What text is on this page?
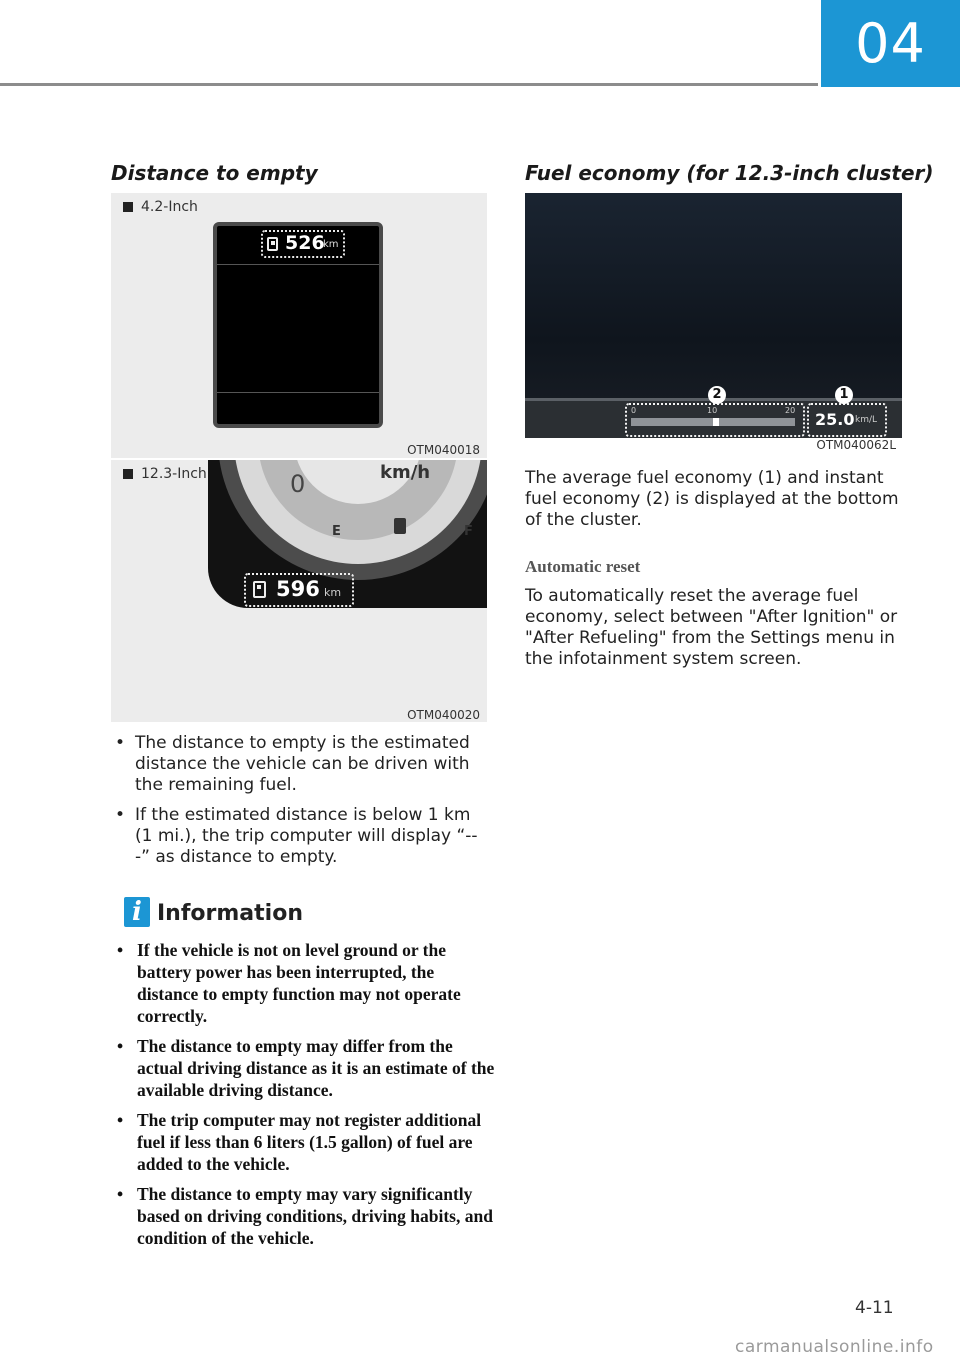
04
Distance to empty
4.2-Inch
526
km
OTM040018
12.3-Inch	0	km/h
E	F
596 km
OTM040020
• The distance to empty is the estimated distance the vehicle can be driven with the remaining fuel.
• If the estimated distance is below 1 km (1 mi.), the trip computer will display “---” as distance to empty.
i Information
• If the vehicle is not on level ground or the battery power has been interrupted, the distance to empty function may not operate correctly.
• The distance to empty may differ from the actual driving distance as it is an estimate of the available driving distance.
• The trip computer may not register additional fuel if less than 6 liters (1.5 gallon) of fuel are added to the vehicle.
• The distance to empty may vary significantly based on driving conditions, driving habits, and condition of the vehicle.
Fuel economy (for 12.3-inch cluster)
0	10	20 25.0 km/L
2	1
OTM040062L

The average fuel economy (1) and instant fuel economy (2) is displayed at the bottom of the cluster.

Automatic reset

To automatically reset the average fuel economy, select between "After Ignition" or "After Refueling" from the Settings menu in the infotainment system screen.

4-11
carmanualsonline.info
